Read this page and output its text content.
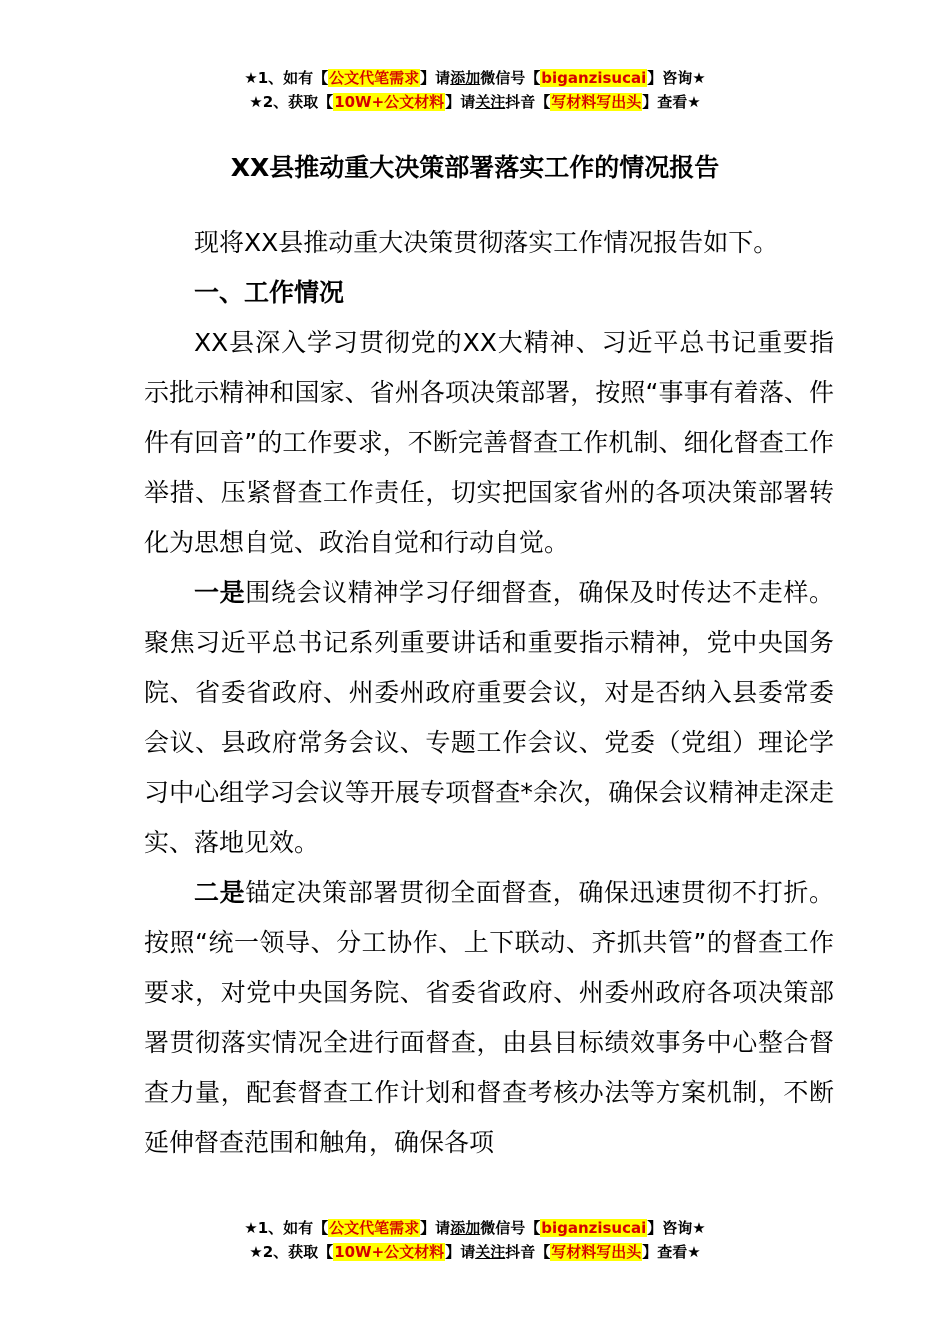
★1、如有【公文代笔需求】请添加微信号【biganzisucai】咨询★
★2、获取【10W+公文材料】请关注抖音【写材料写出头】查看★
XX县推动重大决策部署落实工作的情况报告

现将XX县推动重大决策贯彻落实工作情况报告如下。

一、工作情况

XX县深入学习贯彻党的XX大精神、习近平总书记重要指示批示精神和国家、省州各项决策部署，按照“事事有着落、件件有回音”的工作要求，不断完善督查工作机制、细化督查工作举措、压紧督查工作责任，切实把国家省州的各项决策部署转化为思想自觉、政治自觉和行动自觉。

一是围绕会议精神学习仔细督查，确保及时传达不走样。聚焦习近平总书记系列重要讲话和重要指示精神，党中央国务院、省委省政府、州委州政府重要会议，对是否纳入县委常委会议、县政府常务会议、专题工作会议、党委（党组）理论学习中心组学习会议等开展专项督查*余次，确保会议精神走深走实、落地见效。

二是锚定决策部署贯彻全面督查，确保迅速贯彻不打折。按照“统一领导、分工协作、上下联动、齐抓共管”的督查工作要求，对党中央国务院、省委省政府、州委州政府各项决策部署贯彻落实情况全进行面督查，由县目标绩效事务中心整合督查力量，配套督查工作计划和督查考核办法等方案机制，不断延伸督查范围和触角，确保各项

★1、如有【公文代笔需求】请添加微信号【biganzisucai】咨询★
★2、获取【10W+公文材料】请关注抖音【写材料写出头】查看★
